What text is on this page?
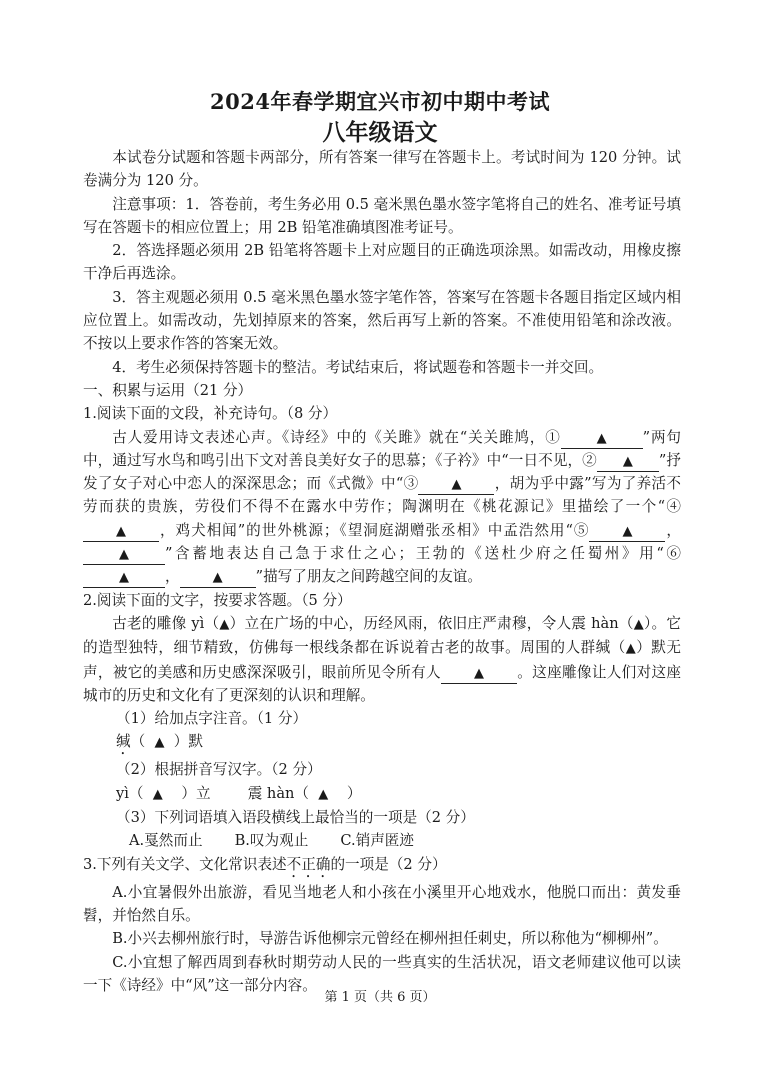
2024年春学期宜兴市初中期中考试
八年级语文

本试卷分试题和答题卡两部分，所有答案一律写在答题卡上。考试时间为 120 分钟。试卷满分为 120 分。

注意事项：1．答卷前，考生务必用 0.5 毫米黑色墨水签字笔将自己的姓名、准考证号填写在答题卡的相应位置上；用 2B 铅笔准确填图准考证号。

2．答选择题必须用 2B 铅笔将答题卡上对应题目的正确选项涂黑。如需改动，用橡皮擦干净后再选涂。

3．答主观题必须用 0.5 毫米黑色墨水签字笔作答，答案写在答题卡各题目指定区域内相应位置上。如需改动，先划掉原来的答案，然后再写上新的答案。不准使用铅笔和涂改液。不按以上要求作答的答案无效。

4．考生必须保持答题卡的整洁。考试结束后，将试题卷和答题卡一并交回。

一、积累与运用（21 分）

1.阅读下面的文段，补充诗句。（8 分）

古人爱用诗文表述心声。《诗经》中的《关雎》就在“关关雎鸠，①	▲ ”两句中，通过写水鸟和鸣引出下文对善良美好女子的思慕；《子衿》中“一日不见，② ▲ ”抒发了女子对心中恋人的深深思念；而《式微》中“③	▲ ，胡为乎中露”写为了养活不劳而获的贵族，劳役们不得不在露水中劳作；陶渊明在《桃花源记》里描绘了一个“④▲ ，鸡犬相闻”的世外桃源；《望洞庭湖赠张丞相》中孟浩然用“⑤	▲ ，▲ ”含蓄地表达自己急于求仕之心；王勃的《送杜少府之任蜀州》用“⑥▲ ，	▲ ”描写了朋友之间跨越空间的友谊。

2.阅读下面的文字，按要求答题。（5 分）

古老的雕像 yì（▲）立在广场的中心，历经风雨，依旧庄严肃穆，令人震 hàn（▲）。它的造型独特，细节精致，仿佛每一根线条都在诉说着古老的故事。周围的人群缄（▲）默无声，被它的美感和历史感深深吸引，眼前所见令所有人	▲ 。这座雕像让人们对这座城市的历史和文化有了更深刻的认识和理解。

（1）给加点字注音。（1 分）

缄（ ▲ ）默

（2）根据拼音写汉字。（2 分）

yì（ ▲ ）立	震 hàn（ ▲ ）

（3）下列词语填入语段横线上最恰当的一项是（2 分）

A.戛然而止 B.叹为观止 C.销声匿迹

3.下列有关文学、文化常识表述不正确的一项是（2 分）

A.小宜暑假外出旅游，看见当地老人和小孩在小溪里开心地戏水，他脱口而出：黄发垂髫，并怡然自乐。

B.小兴去柳州旅行时，导游告诉他柳宗元曾经在柳州担任刺史，所以称他为“柳柳州”。

C.小宜想了解西周到春秋时期劳动人民的一些真实的生活状况，语文老师建议他可以读一下《诗经》中“风”这一部分内容。

第 1 页（共 6 页）
